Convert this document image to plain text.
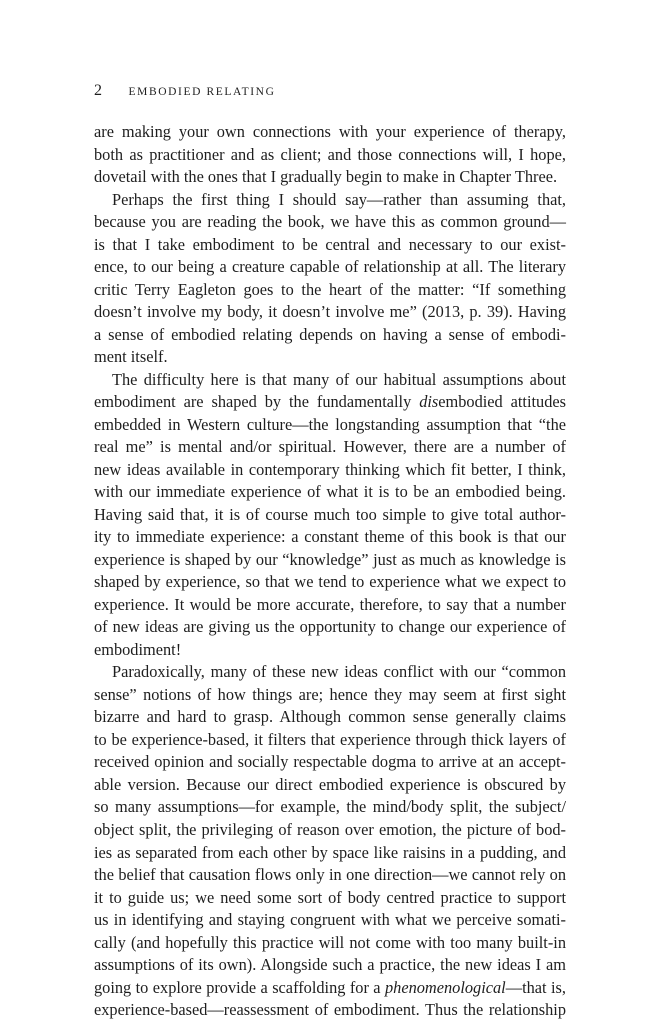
2 EMBODIED RELATING
are making your own connections with your experience of therapy,
both as practitioner and as client; and those connections will, I hope,
dovetail with the ones that I gradually begin to make in Chapter Three.
Perhaps the first thing I should say—rather than assuming that,
because you are reading the book, we have this as common ground—
is that I take embodiment to be central and necessary to our exist-
ence, to our being a creature capable of relationship at all. The literary
critic Terry Eagleton goes to the heart of the matter: “If something
doesn’t involve my body, it doesn’t involve me” (2013, p. 39). Having
a sense of embodied relating depends on having a sense of embodi-
ment itself.
The difficulty here is that many of our habitual assumptions about
embodiment are shaped by the fundamentally disembodied attitudes
embedded in Western culture—the longstanding assumption that “the
real me” is mental and/or spiritual. However, there are a number of
new ideas available in contemporary thinking which fit better, I think,
with our immediate experience of what it is to be an embodied being.
Having said that, it is of course much too simple to give total author-
ity to immediate experience: a constant theme of this book is that our
experience is shaped by our “knowledge” just as much as knowledge is
shaped by experience, so that we tend to experience what we expect to
experience. It would be more accurate, therefore, to say that a number
of new ideas are giving us the opportunity to change our experience of
embodiment!
Paradoxically, many of these new ideas conflict with our “common
sense” notions of how things are; hence they may seem at first sight
bizarre and hard to grasp. Although common sense generally claims
to be experience-based, it filters that experience through thick layers of
received opinion and socially respectable dogma to arrive at an accept-
able version. Because our direct embodied experience is obscured by
so many assumptions—for example, the mind/body split, the subject/
object split, the privileging of reason over emotion, the picture of bod-
ies as separated from each other by space like raisins in a pudding, and
the belief that causation flows only in one direction—we cannot rely on
it to guide us; we need some sort of body centred practice to support
us in identifying and staying congruent with what we perceive somati-
cally (and hopefully this practice will not come with too many built-in
assumptions of its own). Alongside such a practice, the new ideas I am
going to explore provide a scaffolding for a phenomenological—that is,
experience-based—reassessment of embodiment. Thus the relationship
